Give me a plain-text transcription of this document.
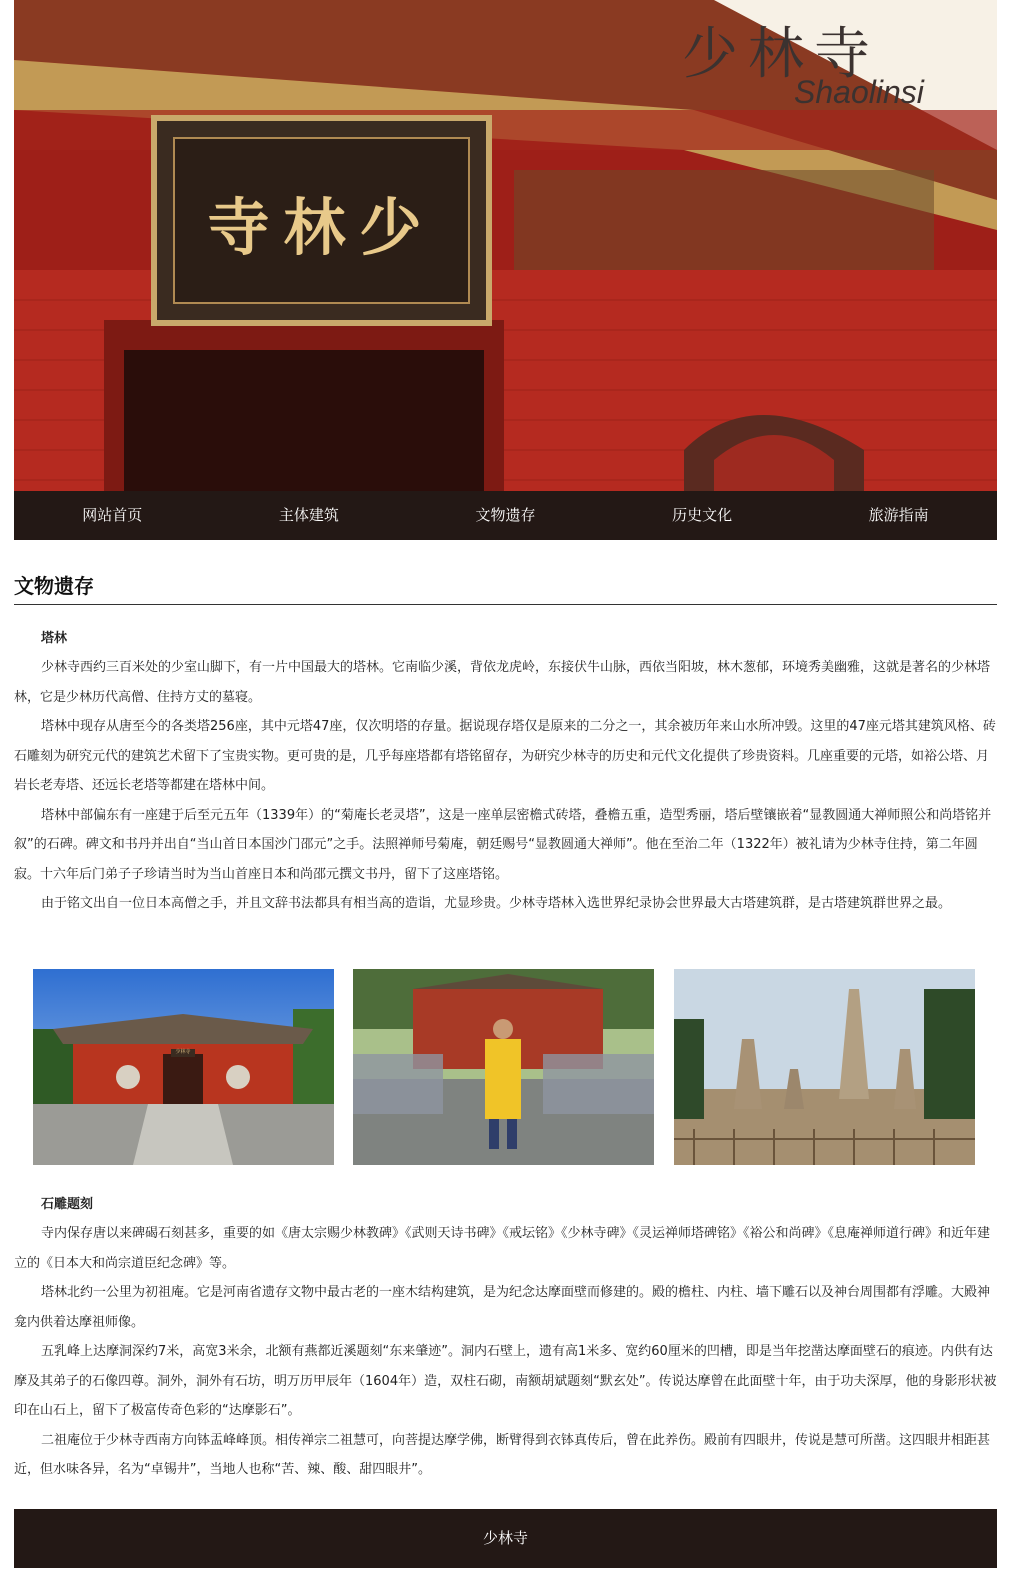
寺林少
少林寺
Shaolinsi
网站首页	主体建筑	文物遗存	历史文化	旅游指南
文物遗存
塔林

少林寺西约三百米处的少室山脚下，有一片中国最大的塔林。它南临少溪，背依龙虎岭，东接伏牛山脉，西依当阳坡，林木葱郁，环境秀美幽雅，这就是著名的少林塔林，它是少林历代高僧、住持方丈的墓寝。

塔林中现存从唐至今的各类塔256座，其中元塔47座，仅次明塔的存量。据说现存塔仅是原来的二分之一，其余被历年来山水所冲毁。这里的47座元塔其建筑风格、砖石雕刻为研究元代的建筑艺术留下了宝贵实物。更可贵的是，几乎每座塔都有塔铭留存，为研究少林寺的历史和元代文化提供了珍贵资料。几座重要的元塔，如裕公塔、月岩长老寿塔、还远长老塔等都建在塔林中间。

塔林中部偏东有一座建于后至元五年（1339年）的“菊庵长老灵塔”，这是一座单层密檐式砖塔，叠檐五重，造型秀丽，塔后壁镶嵌着“显教圆通大禅师照公和尚塔铭并叙”的石碑。碑文和书丹并出自“当山首日本国沙门邵元”之手。法照禅师号菊庵，朝廷赐号“显教圆通大禅师”。他在至治二年（1322年）被礼请为少林寺住持，第二年圆寂。十六年后门弟子子珍请当时为当山首座日本和尚邵元撰文书丹，留下了这座塔铭。

由于铭文出自一位日本高僧之手，并且文辞书法都具有相当高的造诣，尤显珍贵。少林寺塔林入选世界纪录协会世界最大古塔建筑群，是古塔建筑群世界之最。

少林寺
石雕题刻

寺内保存唐以来碑碣石刻甚多，重要的如《唐太宗赐少林教碑》《武则天诗书碑》《戒坛铭》《少林寺碑》《灵运禅师塔碑铭》《裕公和尚碑》《息庵禅师道行碑》和近年建立的《日本大和尚宗道臣纪念碑》等。

塔林北约一公里为初祖庵。它是河南省遗存文物中最古老的一座木结构建筑，是为纪念达摩面壁而修建的。殿的檐柱、内柱、墙下雕石以及神台周围都有浮雕。大殿神龛内供着达摩祖师像。

五乳峰上达摩洞深约7米，高宽3米余，北额有燕都近溪题刻“东来肇迹”。洞内石壁上，遗有高1米多、宽约60厘米的凹槽，即是当年挖凿达摩面壁石的痕迹。内供有达摩及其弟子的石像四尊。洞外，洞外有石坊，明万历甲辰年（1604年）造，双柱石砌，南额胡斌题刻“默玄处”。传说达摩曾在此面壁十年，由于功夫深厚，他的身影形状被印在山石上，留下了极富传奇色彩的“达摩影石”。

二祖庵位于少林寺西南方向钵盂峰峰顶。相传禅宗二祖慧可，向菩提达摩学佛，断臂得到衣钵真传后，曾在此养伤。殿前有四眼井，传说是慧可所凿。这四眼井相距甚近，但水味各异，名为“卓锡井”，当地人也称“苦、辣、酸、甜四眼井”。

少林寺
